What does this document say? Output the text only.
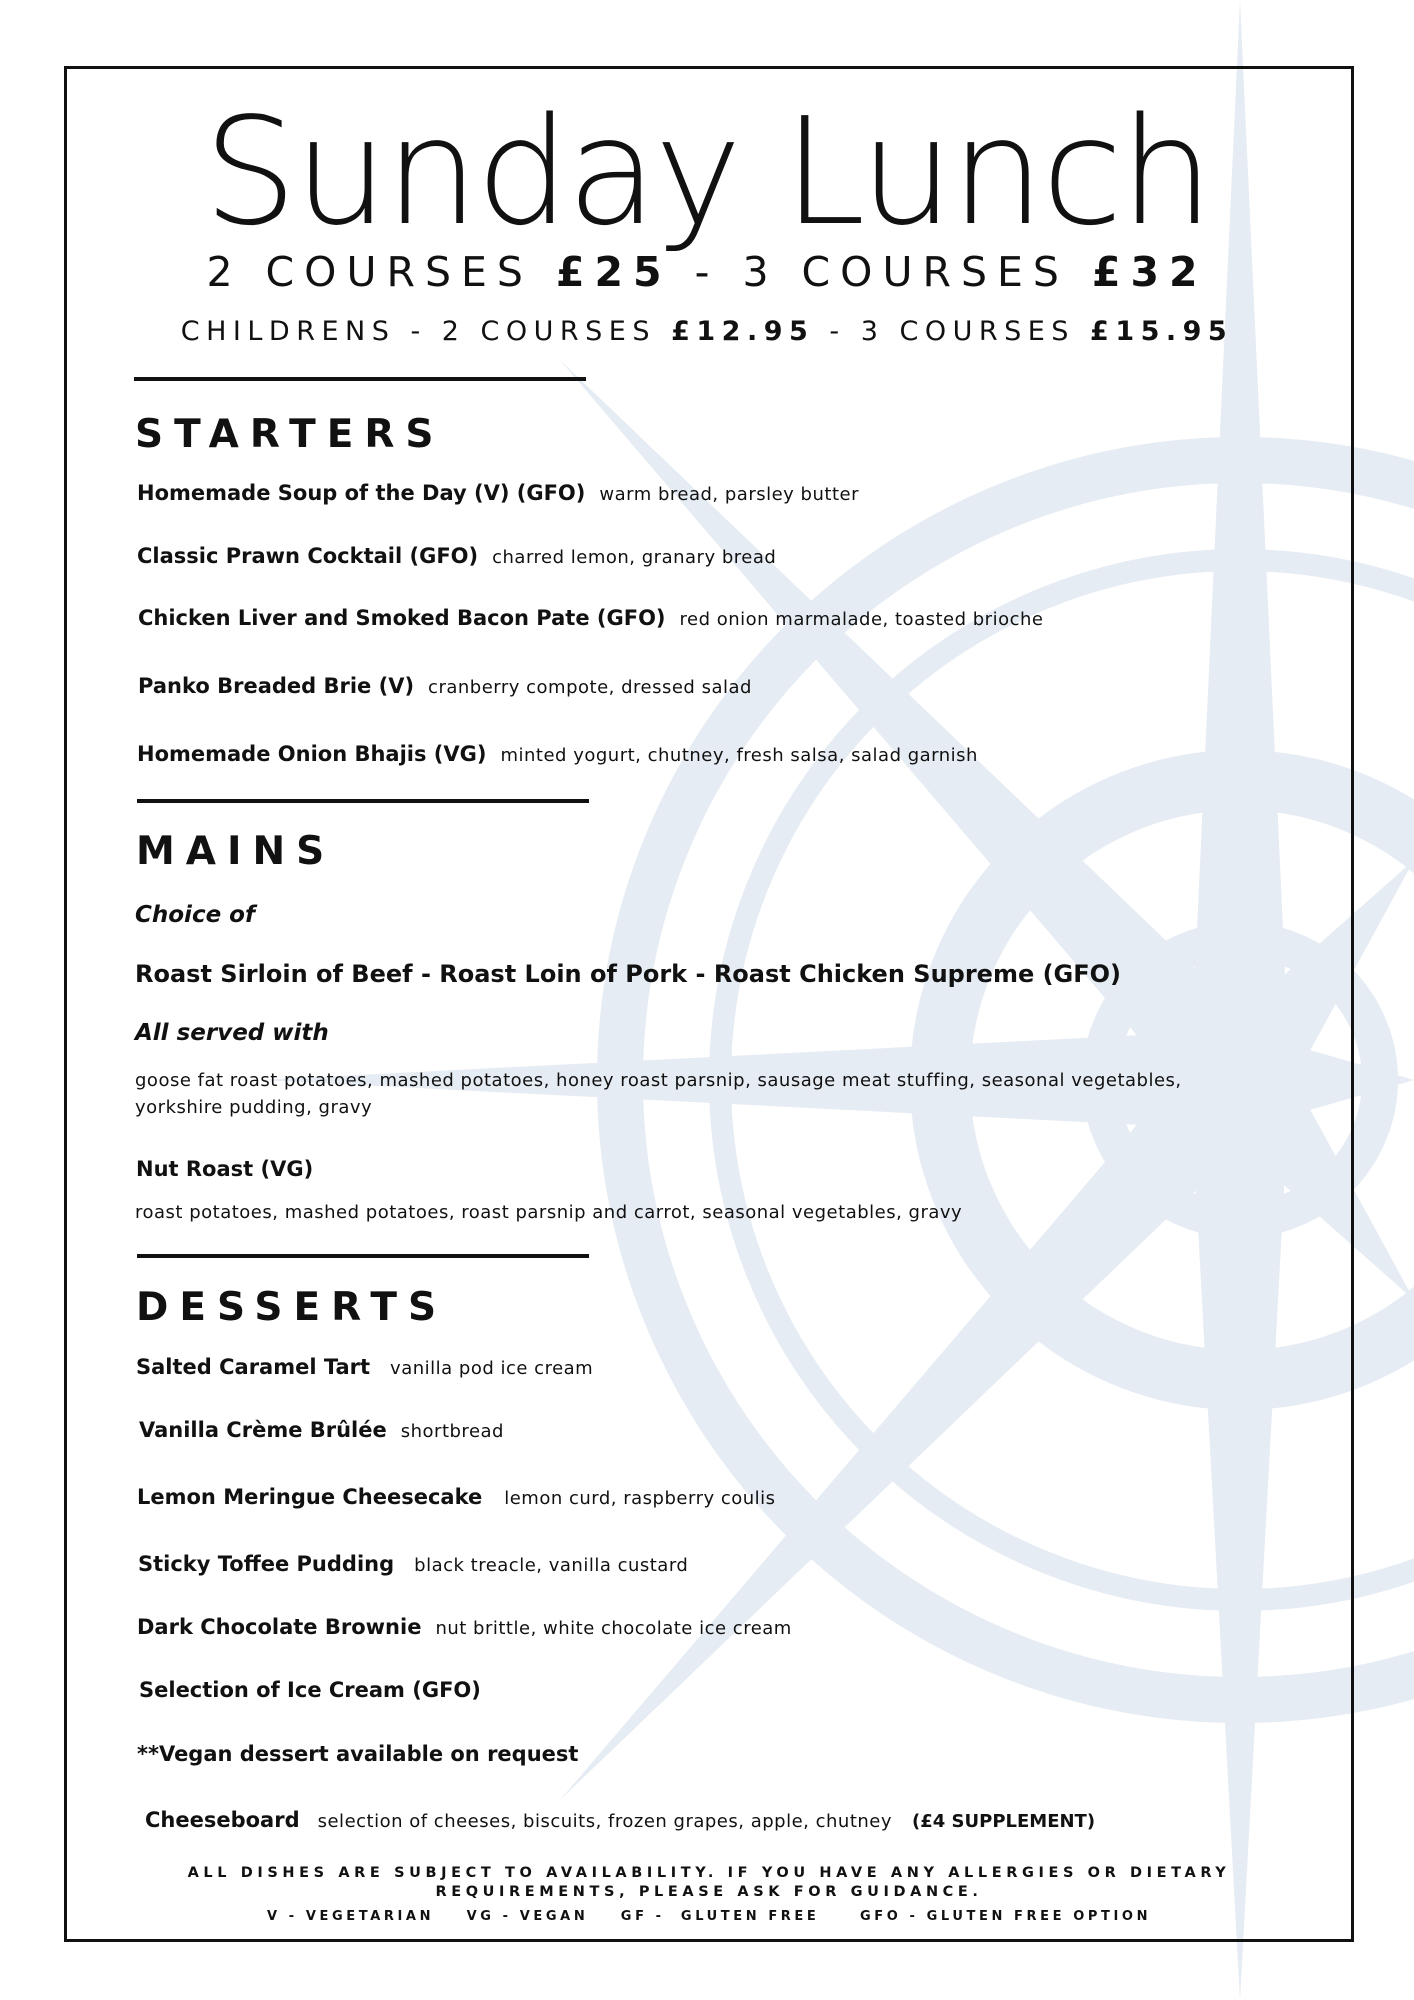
Sunday Lunch
2 COURSES £25 - 3 COURSES £32
CHILDRENS - 2 COURSES £12.95 - 3 COURSES £15.95
STARTERS
Homemade Soup of the Day (V) (GFO) warm bread, parsley butter
Classic Prawn Cocktail (GFO) charred lemon, granary bread
Chicken Liver and Smoked Bacon Pate (GFO) red onion marmalade, toasted brioche
Panko Breaded Brie (V) cranberry compote, dressed salad
Homemade Onion Bhajis (VG) minted yogurt, chutney, fresh salsa, salad garnish
MAINS
Choice of
Roast Sirloin of Beef - Roast Loin of Pork - Roast Chicken Supreme (GFO)
All served with
goose fat roast potatoes, mashed potatoes, honey roast parsnip, sausage meat stuffing, seasonal vegetables, yorkshire pudding, gravy
Nut Roast (VG)
roast potatoes, mashed potatoes, roast parsnip and carrot, seasonal vegetables, gravy
DESSERTS
Salted Caramel Tart vanilla pod ice cream
Vanilla Crème Brûlée shortbread
Lemon Meringue Cheesecake lemon curd, raspberry coulis
Sticky Toffee Pudding black treacle, vanilla custard
Dark Chocolate Brownie nut brittle, white chocolate ice cream
Selection of Ice Cream (GFO)
**Vegan dessert available on request
Cheeseboard selection of cheeses, biscuits, frozen grapes, apple, chutney (£4 SUPPLEMENT)
ALL DISHES ARE SUBJECT TO AVAILABILITY. IF YOU HAVE ANY ALLERGIES OR DIETARY
REQUIREMENTS, PLEASE ASK FOR GUIDANCE.
V - VEGETARIAN    VG - VEGAN    GF -  GLUTEN FREE     GFO - GLUTEN FREE OPTION
